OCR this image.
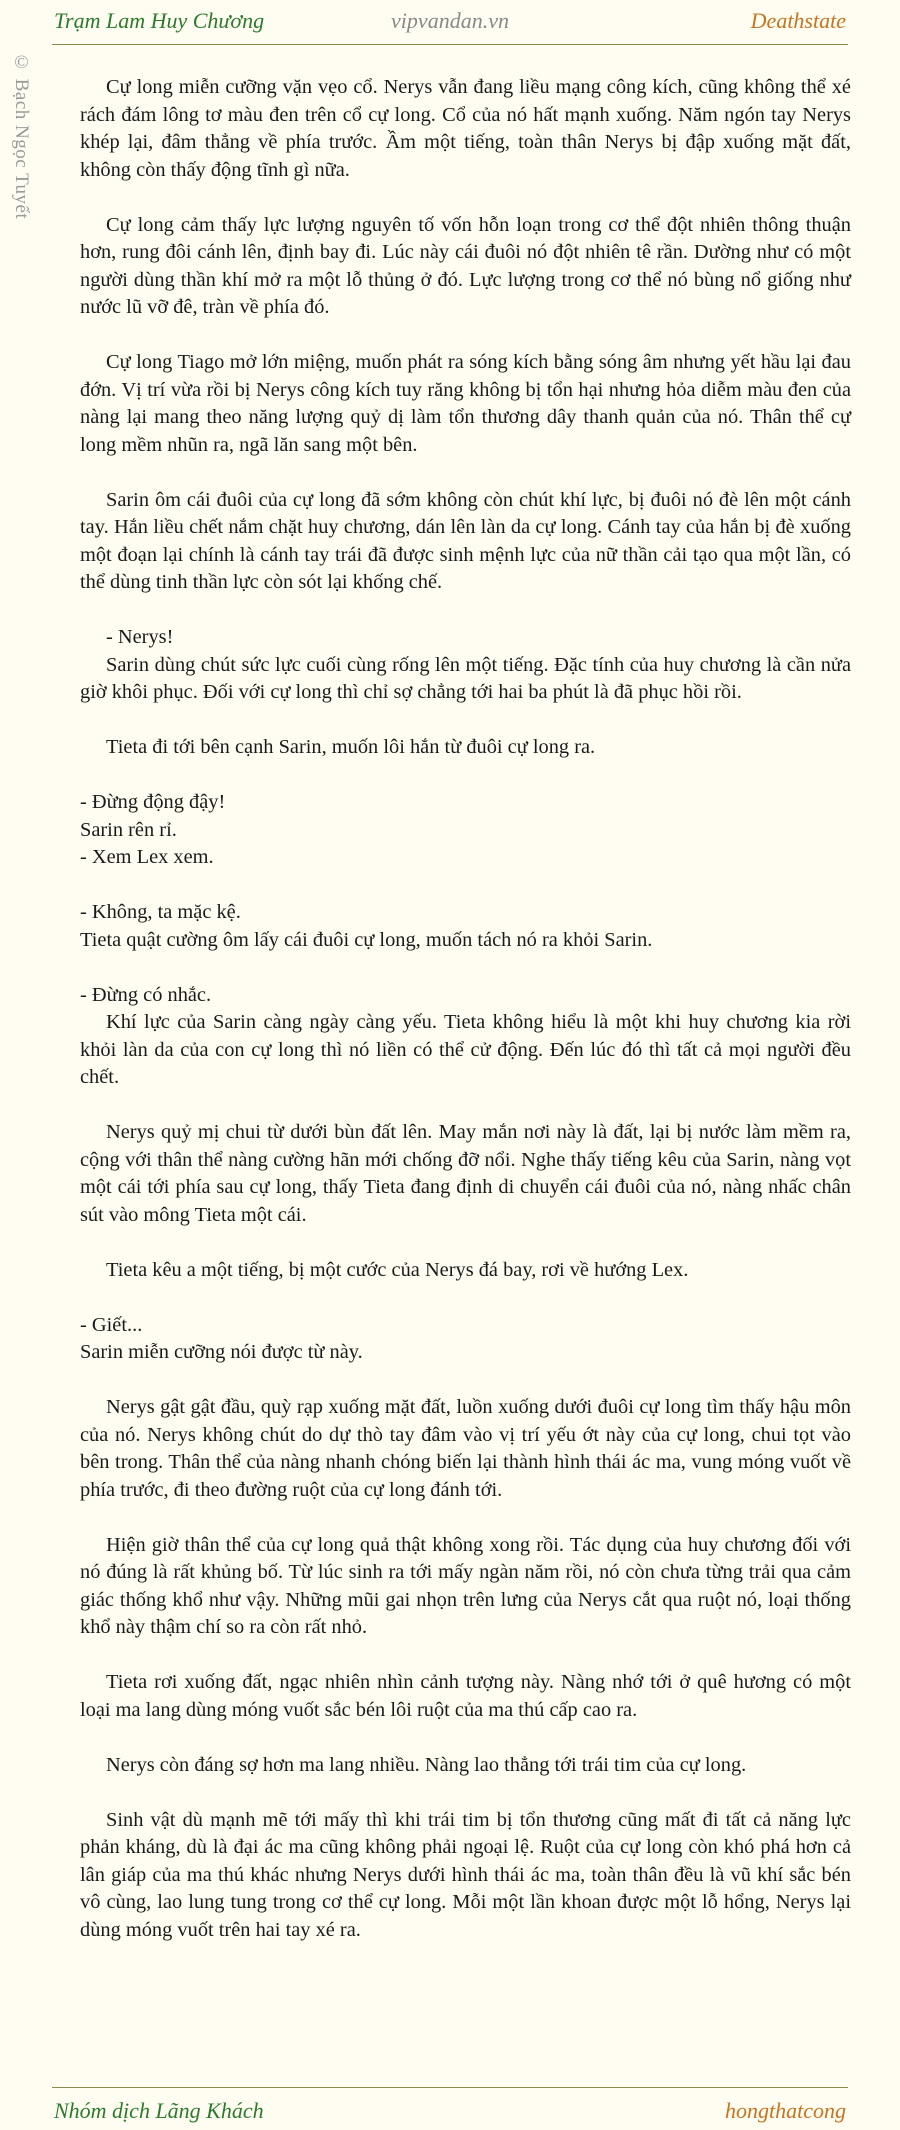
Trạm Lam Huy Chương	vipvandan.vn	Deathstate
© Bạch Ngọc Tuyết	Cự long miễn cưỡng vặn vẹo cổ. Nerys vẫn đang liều mạng công kích, cũng không thể xé rách đám lông tơ màu đen trên cổ cự long. Cổ của nó hất mạnh xuống. Năm ngón tay Nerys khép lại, đâm thẳng về phía trước. Ầm một tiếng, toàn thân Nerys bị đập xuống mặt đất, không còn thấy động tĩnh gì nữa.

Cự long cảm thấy lực lượng nguyên tố vốn hỗn loạn trong cơ thể đột nhiên thông thuận hơn, rung đôi cánh lên, định bay đi. Lúc này cái đuôi nó đột nhiên tê rần. Dường như có một người dùng thần khí mở ra một lỗ thủng ở đó. Lực lượng trong cơ thể nó bùng nổ giống như nước lũ vỡ đê, tràn về phía đó.

Cự long Tiago mở lớn miệng, muốn phát ra sóng kích bằng sóng âm nhưng yết hầu lại đau đớn. Vị trí vừa rồi bị Nerys công kích tuy răng không bị tổn hại nhưng hỏa diễm màu đen của nàng lại mang theo năng lượng quỷ dị làm tổn thương dây thanh quản của nó. Thân thể cự long mềm nhũn ra, ngã lăn sang một bên.

Sarin ôm cái đuôi của cự long đã sớm không còn chút khí lực, bị đuôi nó đè lên một cánh tay. Hắn liều chết nắm chặt huy chương, dán lên làn da cự long. Cánh tay của hắn bị đè xuống một đoạn lại chính là cánh tay trái đã được sinh mệnh lực của nữ thần cải tạo qua một lần, có thể dùng tinh thần lực còn sót lại khống chế.

- Nerys!

Sarin dùng chút sức lực cuối cùng rống lên một tiếng. Đặc tính của huy chương là cần nửa giờ khôi phục. Đối với cự long thì chỉ sợ chẳng tới hai ba phút là đã phục hồi rồi.

Tieta đi tới bên cạnh Sarin, muốn lôi hắn từ đuôi cự long ra.

- Đừng động đậy!

Sarin rên rỉ.

- Xem Lex xem.

- Không, ta mặc kệ.

Tieta quật cường ôm lấy cái đuôi cự long, muốn tách nó ra khỏi Sarin.

- Đừng có nhắc.

Khí lực của Sarin càng ngày càng yếu. Tieta không hiểu là một khi huy chương kia rời khỏi làn da của con cự long thì nó liền có thể cử động. Đến lúc đó thì tất cả mọi người đều chết.

Nerys quỷ mị chui từ dưới bùn đất lên. May mắn nơi này là đất, lại bị nước làm mềm ra, cộng với thân thể nàng cường hãn mới chống đỡ nổi. Nghe thấy tiếng kêu của Sarin, nàng vọt một cái tới phía sau cự long, thấy Tieta đang định di chuyển cái đuôi của nó, nàng nhấc chân sút vào mông Tieta một cái.

Tieta kêu a một tiếng, bị một cước của Nerys đá bay, rơi về hướng Lex.

- Giết...

Sarin miễn cưỡng nói được từ này.

Nerys gật gật đầu, quỳ rạp xuống mặt đất, luồn xuống dưới đuôi cự long tìm thấy hậu môn của nó. Nerys không chút do dự thò tay đâm vào vị trí yếu ớt này của cự long, chui tọt vào bên trong. Thân thể của nàng nhanh chóng biến lại thành hình thái ác ma, vung móng vuốt về phía trước, đi theo đường ruột của cự long đánh tới.

Hiện giờ thân thể của cự long quả thật không xong rồi. Tác dụng của huy chương đối với nó đúng là rất khủng bố. Từ lúc sinh ra tới mấy ngàn năm rồi, nó còn chưa từng trải qua cảm giác thống khổ như vậy. Những mũi gai nhọn trên lưng của Nerys cắt qua ruột nó, loại thống khổ này thậm chí so ra còn rất nhỏ.

Tieta rơi xuống đất, ngạc nhiên nhìn cảnh tượng này. Nàng nhớ tới ở quê hương có một loại ma lang dùng móng vuốt sắc bén lôi ruột của ma thú cấp cao ra.

Nerys còn đáng sợ hơn ma lang nhiều. Nàng lao thẳng tới trái tim của cự long.

Sinh vật dù mạnh mẽ tới mấy thì khi trái tim bị tổn thương cũng mất đi tất cả năng lực phản kháng, dù là đại ác ma cũng không phải ngoại lệ. Ruột của cự long còn khó phá hơn cả lân giáp của ma thú khác nhưng Nerys dưới hình thái ác ma, toàn thân đều là vũ khí sắc bén vô cùng, lao lung tung trong cơ thể cự long. Mỗi một lần khoan được một lỗ hổng, Nerys lại dùng móng vuốt trên hai tay xé ra.

Nhóm dịch Lãng Khách	hongthatcong
